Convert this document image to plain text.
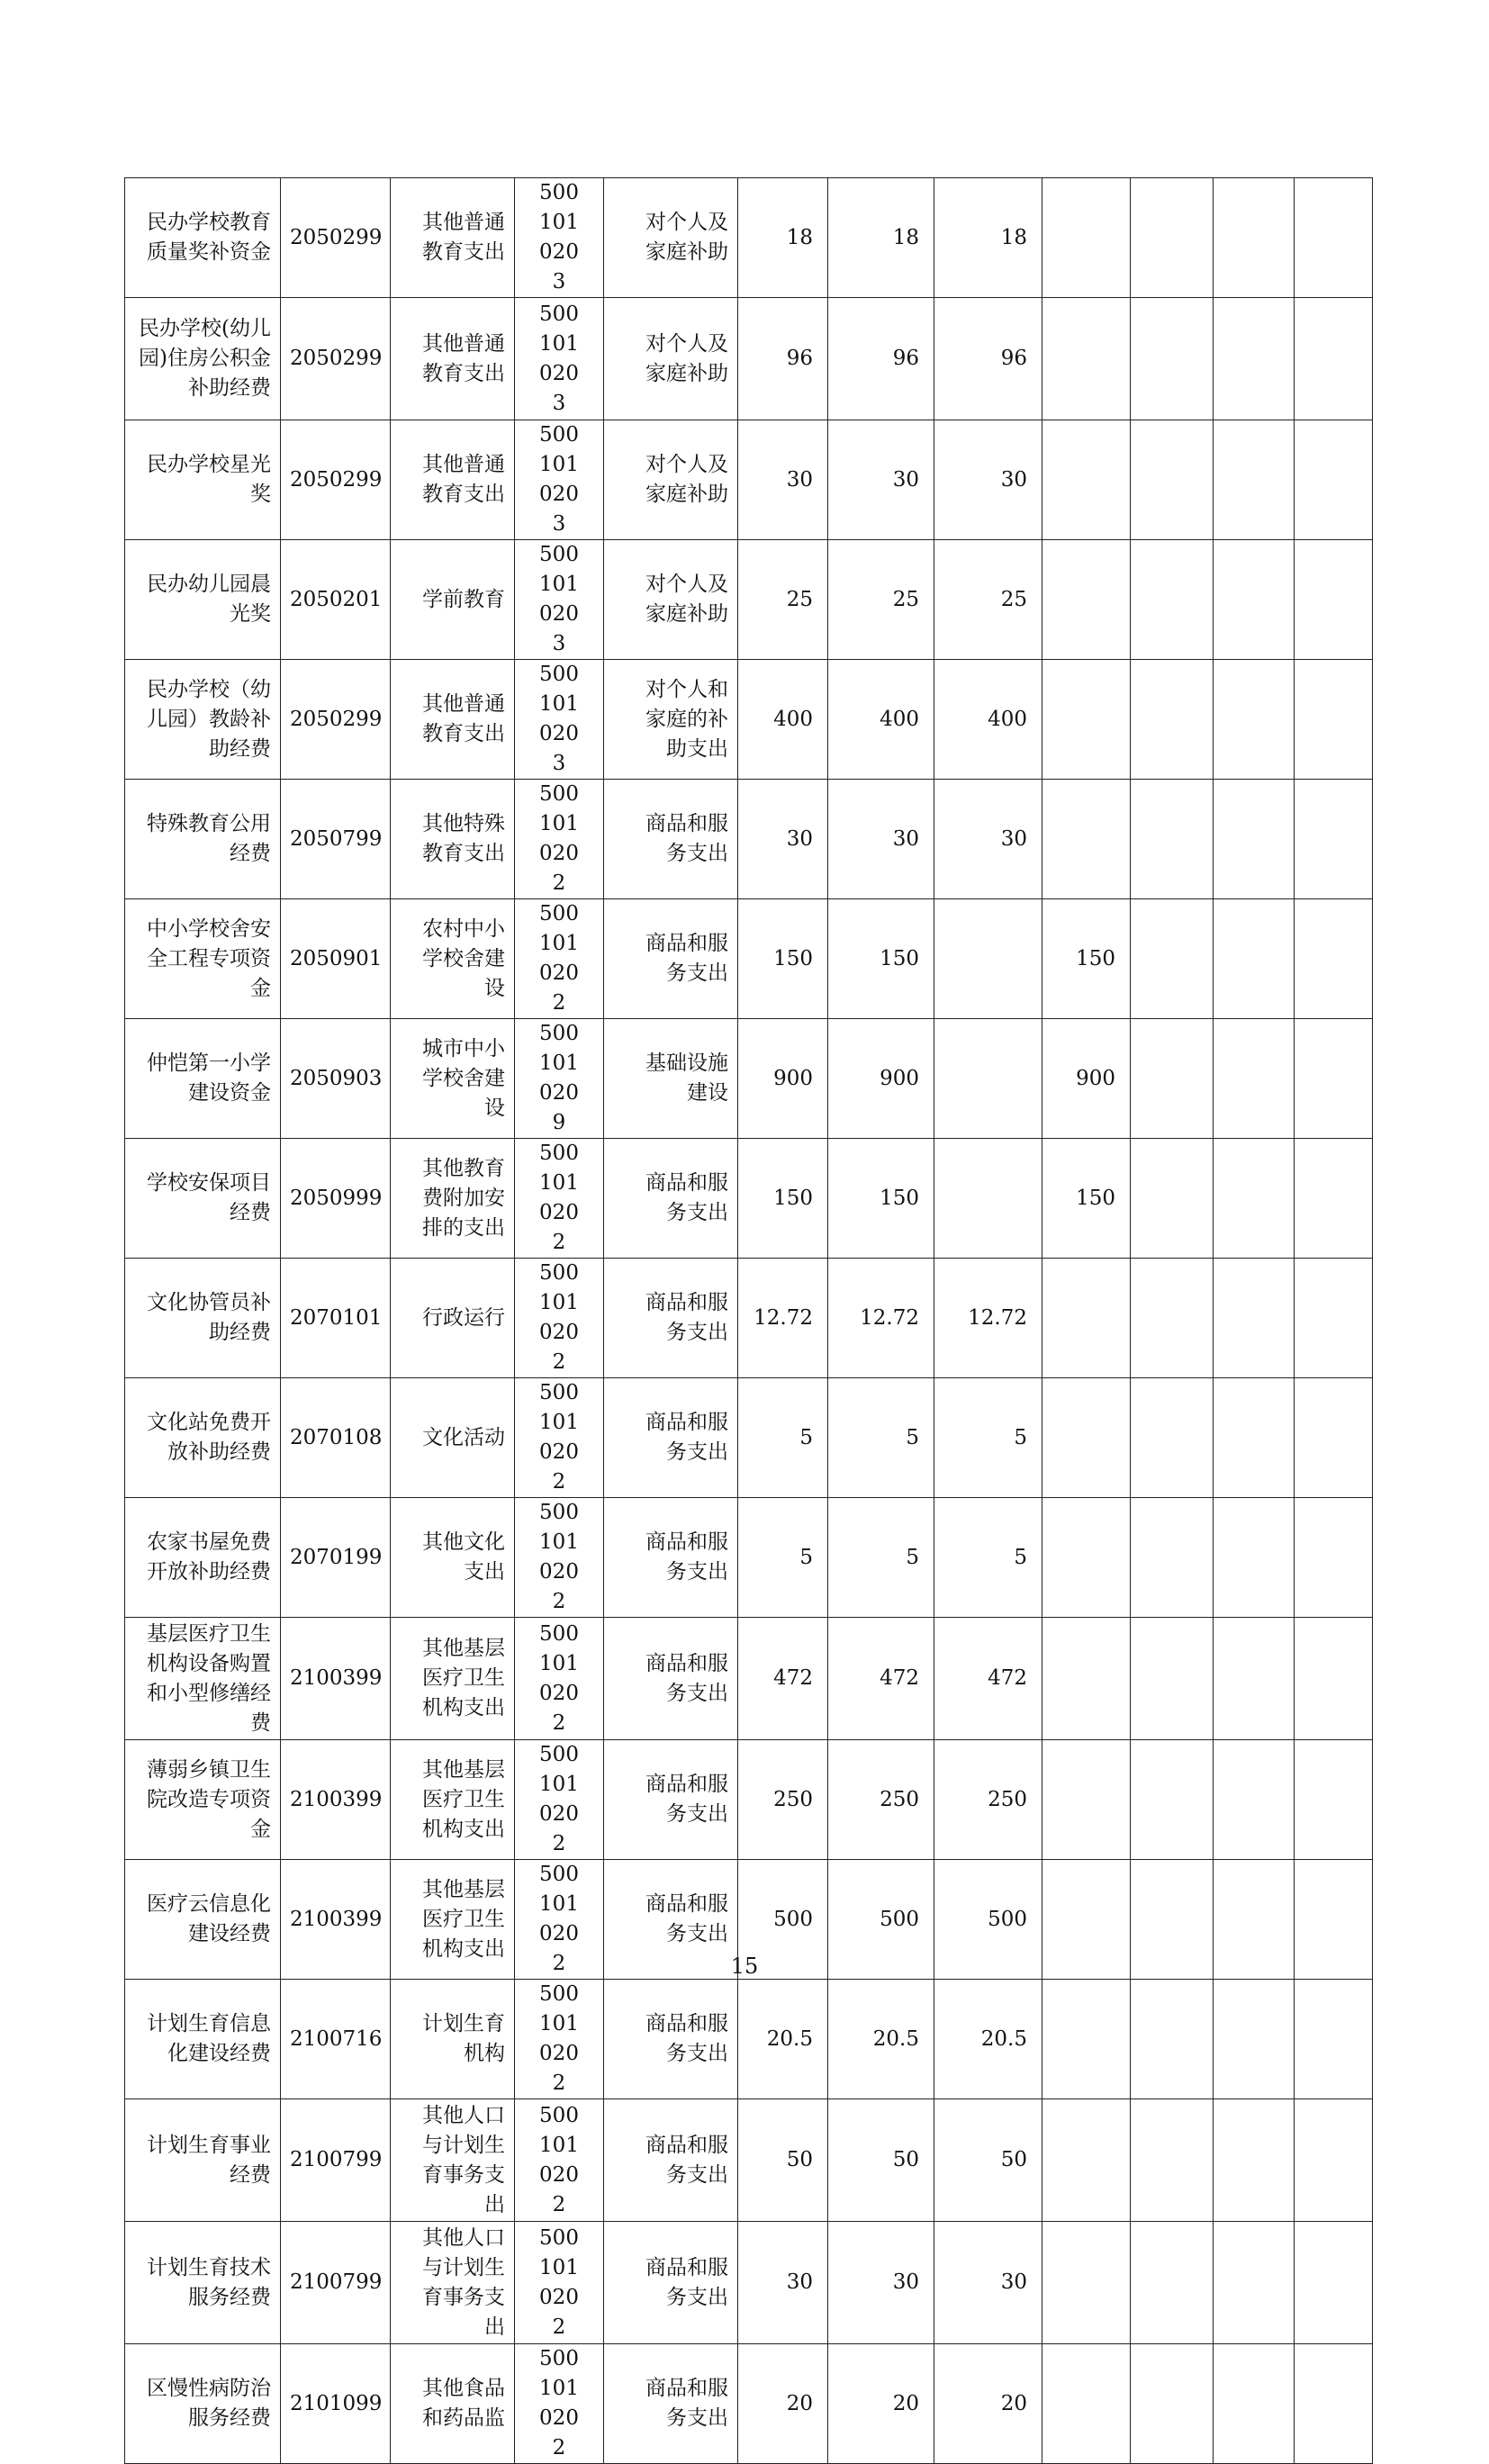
民办学校教育质量奖补资金	2050299	其他普通教育支出	5001010203	对个人及家庭补助	18	18	18				
民办学校(幼儿园)住房公积金补助经费	2050299	其他普通教育支出	5001010203	对个人及家庭补助	96	96	96				
民办学校星光奖	2050299	其他普通教育支出	5001010203	对个人及家庭补助	30	30	30				
民办幼儿园晨光奖	2050201	学前教育	5001010203	对个人及家庭补助	25	25	25				
民办学校（幼儿园）教龄补助经费	2050299	其他普通教育支出	5001010203	对个人和家庭的补助支出	400	400	400				
特殊教育公用经费	2050799	其他特殊教育支出	5001010202	商品和服务支出	30	30	30				
中小学校舍安全工程专项资金	2050901	农村中小学校舍建设	5001010202	商品和服务支出	150	150		150			
仲恺第一小学建设资金	2050903	城市中小学校舍建设	5001010209	基础设施建设	900	900		900			
学校安保项目经费	2050999	其他教育费附加安排的支出	5001010202	商品和服务支出	150	150		150			
文化协管员补助经费	2070101	行政运行	5001010202	商品和服务支出	12.72	12.72	12.72				
文化站免费开放补助经费	2070108	文化活动	5001010202	商品和服务支出	5	5	5				
农家书屋免费开放补助经费	2070199	其他文化支出	5001010202	商品和服务支出	5	5	5				
基层医疗卫生机构设备购置和小型修缮经费	2100399	其他基层医疗卫生机构支出	5001010202	商品和服务支出	472	472	472				
薄弱乡镇卫生院改造专项资金	2100399	其他基层医疗卫生机构支出	5001010202	商品和服务支出	250	250	250				
医疗云信息化建设经费	2100399	其他基层医疗卫生机构支出	5001010202	商品和服务支出	500	500	500				
计划生育信息化建设经费	2100716	计划生育机构	5001010202	商品和服务支出	20.5	20.5	20.5				
计划生育事业经费	2100799	其他人口与计划生育事务支出	5001010202	商品和服务支出	50	50	50				
计划生育技术服务经费	2100799	其他人口与计划生育事务支出	5001010202	商品和服务支出	30	30	30				
区慢性病防治服务经费	2101099	其他食品和药品监	5001010202	商品和服务支出	20	20	20				
15
